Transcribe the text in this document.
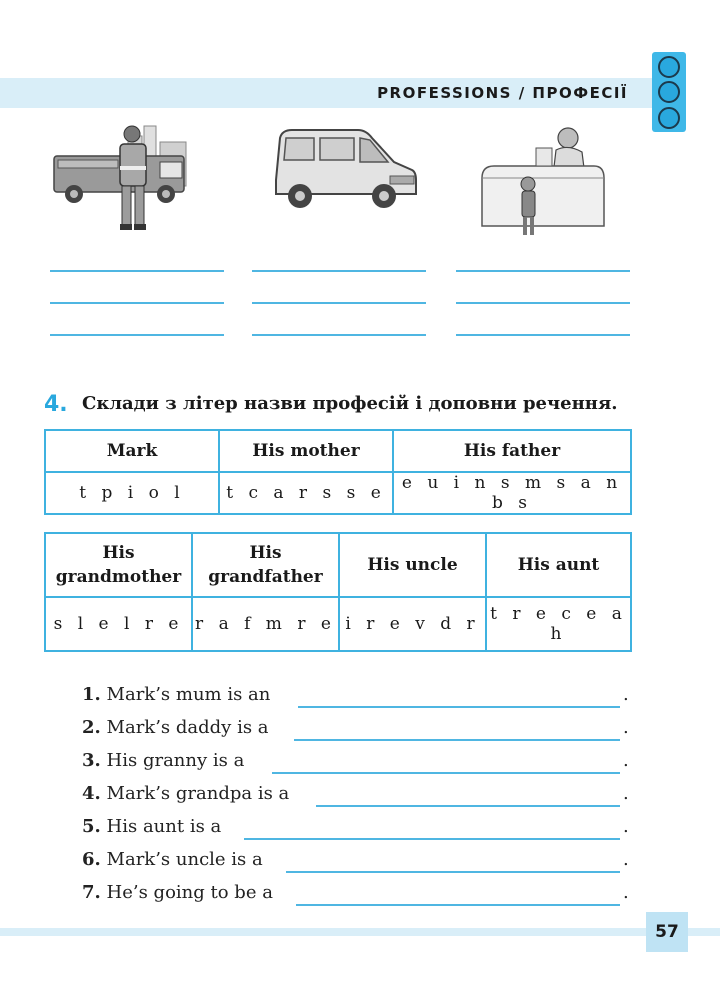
PROFESSIONS / ПРОФЕСІЇ
4. Склади з літер назви професій і доповни речення.
Mark	His mother	His father
t p i o l	t c a r s s e	e u i n s m s a n b s
His
grandmother	His
grandfather	His uncle	His aunt
s l e l r e	r a f m r e	i r e v d r	t r e c e a h
1. Mark’s mum is an	.
2. Mark’s daddy is a	.
3. His granny is a	.
4. Mark’s grandpa is a	.
5. His aunt is a	.
6. Mark’s uncle is a	.
7. He’s going to be a	.
57
